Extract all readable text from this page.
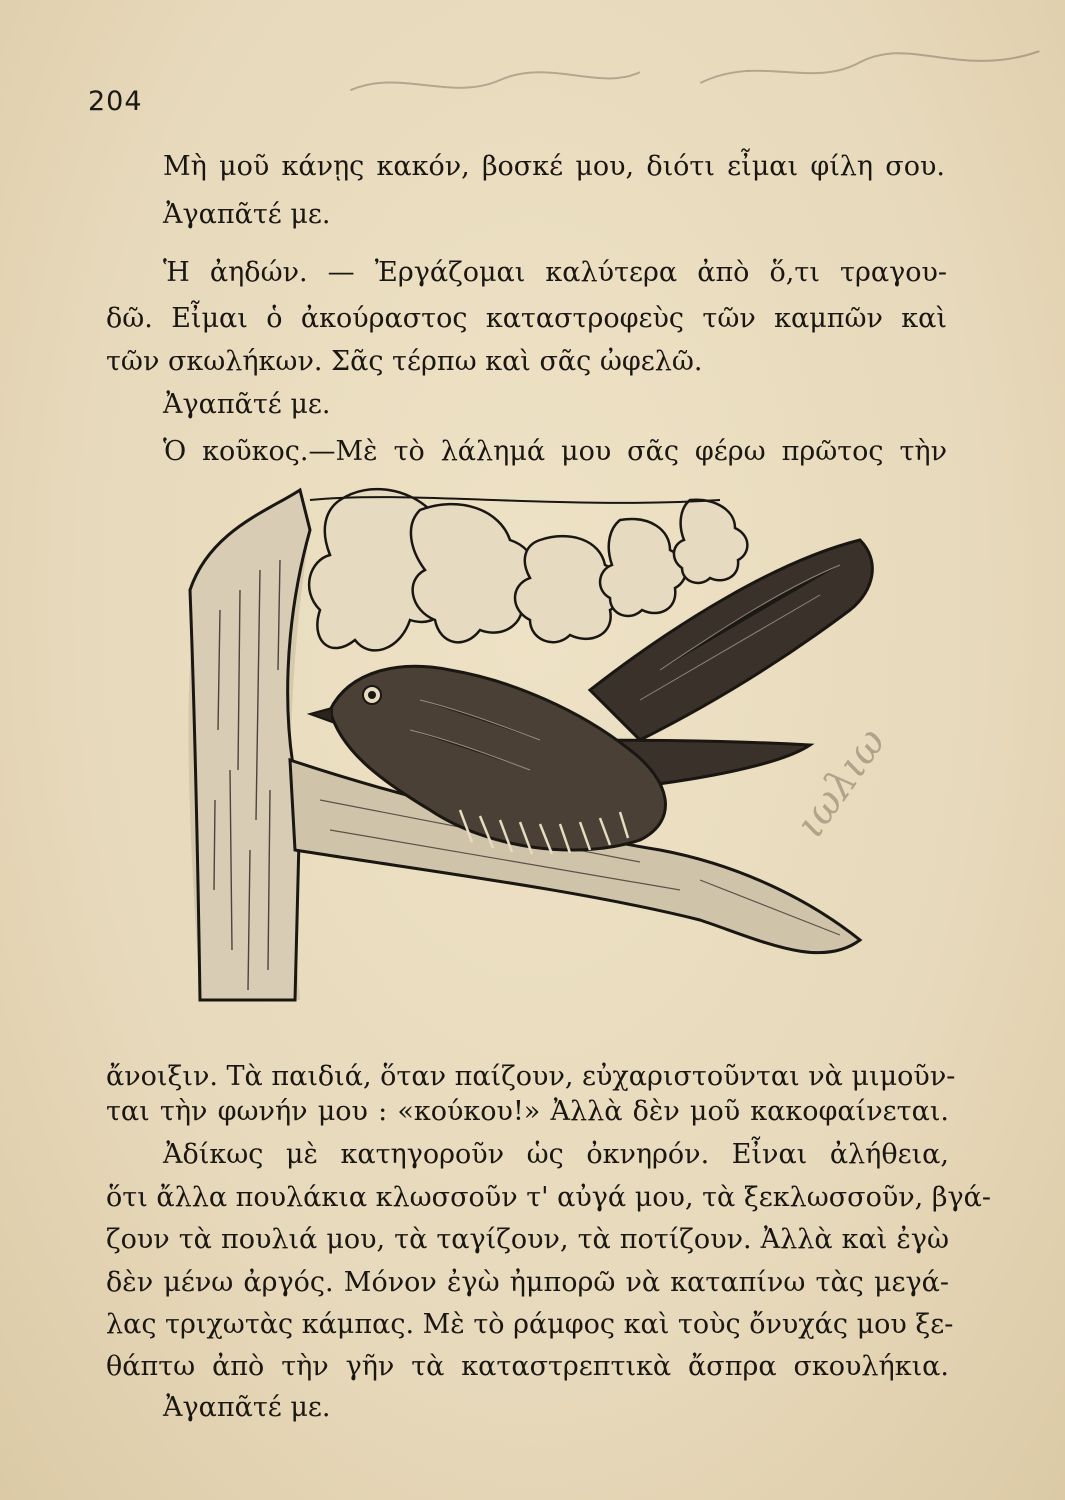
204
Μὴ μοῦ κάνῃς κακόν, βοσκέ μου, διότι εἶμαι φίλη σου.
Ἀγαπᾶτέ με.
Ἡ ἀηδών. — Ἐργάζομαι καλύτερα ἀπὸ ὅ,τι τραγου-
δῶ. Εἶμαι ὁ ἀκούραστος καταστροφεὺς τῶν καμπῶν καὶ
τῶν σκωλήκων. Σᾶς τέρπω καὶ σᾶς ὠφελῶ.
Ἀγαπᾶτέ με.
Ὁ κοῦκος.—Μὲ τὸ λάλημά μου σᾶς φέρω πρῶτος τὴν
ιωλιω
ἄνοιξιν. Τὰ παιδιά, ὅταν παίζουν, εὐχαριστοῦνται νὰ μιμοῦν-
ται τὴν φωνήν μου : «κούκου!» Ἀλλὰ δὲν μοῦ κακοφαίνεται.
Ἀδίκως μὲ κατηγοροῦν ὡς ὀκνηρόν. Εἶναι ἀλήθεια,
ὅτι ἄλλα πουλάκια κλωσσοῦν τ' αὐγά μου, τὰ ξεκλωσσοῦν, βγά-
ζουν τὰ πουλιά μου, τὰ ταγίζουν, τὰ ποτίζουν. Ἀλλὰ καὶ ἐγὼ
δὲν μένω ἀργός. Μόνον ἐγὼ ἠμπορῶ νὰ καταπίνω τὰς μεγά-
λας τριχωτὰς κάμπας. Μὲ τὸ ράμφος καὶ τοὺς ὄνυχάς μου ξε-
θάπτω ἀπὸ τὴν γῆν τὰ καταστρεπτικὰ ἄσπρα σκουλήκια.
Ἀγαπᾶτέ με.
